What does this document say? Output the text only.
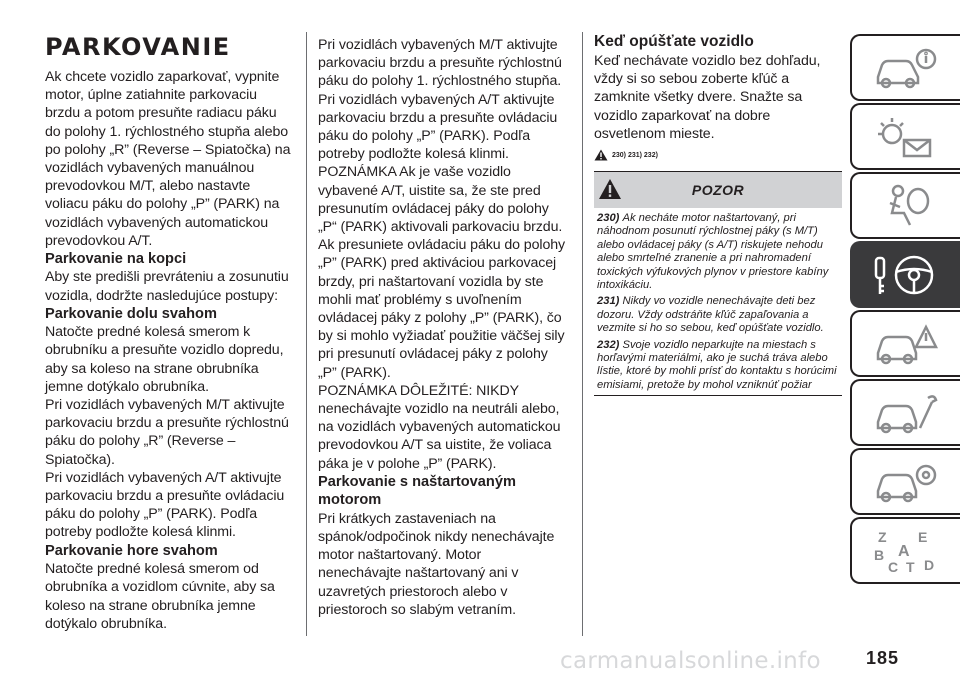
PARKOVANIE

Ak chcete vozidlo zaparkovať, vypnite motor, úplne zatiahnite parkovaciu brzdu a potom presuňte radiacu páku do polohy 1. rýchlostného stupňa alebo po polohy „R” (Reverse – Spiatočka) na vozidlách vybavených manuálnou prevodovkou M/T, alebo nastavte voliacu páku do polohy „P” (PARK) na vozidlách vybavených automatickou prevodovkou A/T.

Parkovanie na kopci

Aby ste predišli prevráteniu a zosunutiu vozidla, dodržte nasledujúce postupy:

Parkovanie dolu svahom

Natočte predné kolesá smerom k obrubníku a presuňte vozidlo dopredu, aby sa koleso na strane obrubníka jemne dotýkalo obrubníka.

Pri vozidlách vybavených M/T aktivujte parkovaciu brzdu a presuňte rýchlostnú páku do polohy „R” (Reverse – Spiatočka).

Pri vozidlách vybavených A/T aktivujte parkovaciu brzdu a presuňte ovládaciu páku do polohy „P” (PARK). Podľa potreby podložte kolesá klinmi.

Parkovanie hore svahom

Natočte predné kolesá smerom od obrubníka a vozidlom cúvnite, aby sa koleso na strane obrubníka jemne dotýkalo obrubníka.

Pri vozidlách vybavených M/T aktivujte parkovaciu brzdu a presuňte rýchlostnú páku do polohy 1. rýchlostného stupňa.

Pri vozidlách vybavených A/T aktivujte parkovaciu brzdu a presuňte ovládaciu páku do polohy „P” (PARK). Podľa potreby podložte kolesá klinmi.

POZNÁMKA Ak je vaše vozidlo vybavené A/T, uistite sa, že ste pred presunutím ovládacej páky do polohy „P“ (PARK) aktivovali parkovaciu brzdu. Ak presuniete ovládaciu páku do polohy „P” (PARK) pred aktiváciou parkovacej brzdy, pri naštartovaní vozidla by ste mohli mať problémy s uvoľnením ovládacej páky z polohy „P” (PARK), čo by si mohlo vyžiadať použitie väčšej sily pri presunutí ovládacej páky z polohy „P” (PARK).

POZNÁMKA DÔLEŽITÉ: NIKDY nenechávajte vozidlo na neutráli alebo, na vozidlách vybavených automatickou prevodovkou A/T sa uistite, že voliaca páka je v polohe „P” (PARK).

Parkovanie s naštartovaným motorom

Pri krátkych zastaveniach na spánok/odpočinok nikdy nenechávajte motor naštartovaný. Motor nenechávajte naštartovaný ani v uzavretých priestoroch alebo v priestoroch so slabým vetraním.

Keď opúšťate vozidlo

Keď nechávate vozidlo bez dohľadu, vždy si so sebou zoberte kľúč a zamknite všetky dvere. Snažte sa vozidlo zaparkovať na dobre osvetlenom mieste.

230) 231) 232)
POZOR

230) Ak necháte motor naštartovaný, pri náhodnom posunutí rýchlostnej páky (s M/T) alebo ovládacej páky (s A/T) riskujete nehodu alebo smrteľné zranenie a pri nahromadení toxických výfukových plynov v priestore kabíny intoxikáciu.

231) Nikdy vo vozidle nenechávajte deti bez dozoru. Vždy odstráňte kľúč zapaľovania a vezmite si ho so sebou, keď opúšťate vozidlo.

232) Svoje vozidlo neparkujte na miestach s horľavými materiálmi, ako je suchá tráva alebo lístie, ktoré by mohli prísť do kontaktu s horúcimi emisiami, pretože by mohol vzniknúť požiar

Z E
B A
D
C T
carmanualsonline.info	185
